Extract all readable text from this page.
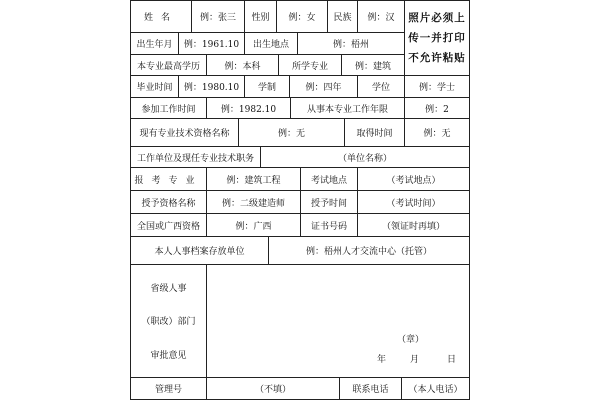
姓名	例：张三	性别	例：女	民族	例：汉	照片必须上
传一并打印
不允许粘贴
出生年月	例：1961.10	出生地点	例：梧州
本专业最高学历	例：本科	所学专业	例：建筑
毕业时间	例：1980.10	学制	例：四年	学位	例：学士
参加工作时间	例：1982.10	从事本专业工作年限	例：2
现有专业技术资格名称	例：无	取得时间	例：无
工作单位及现任专业技术职务	（单位名称）
报考专业	例：建筑工程	考试地点	（考试地点）
授予资格名称	例：二级建造师	授予时间	（考试时间）
全国或广西资格	例：广西	证书号码	（领证时再填）
本人人事档案存放单位	例：梧州人才交流中心（托管）
省级人事
（职改）部门
审批意见
（章）
年	月	日
管理号	（不填）	联系电话	（本人电话）
